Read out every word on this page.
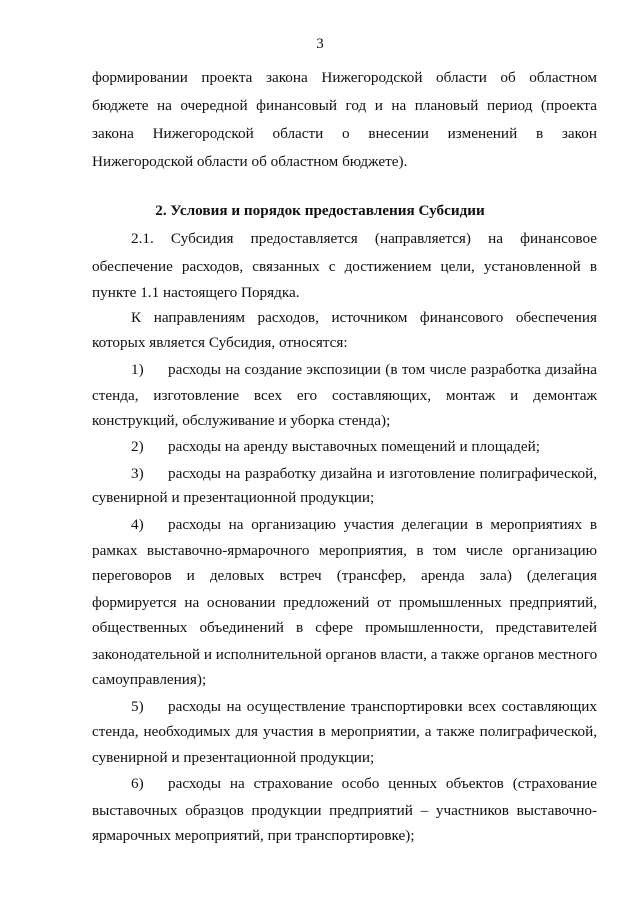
3
формировании проекта закона Нижегородской области об областном
бюджете на очередной финансовый год и на плановый период (проекта
закона Нижегородской области о внесении изменений в закон
Нижегородской области об областном бюджете).
2. Условия и порядок предоставления Субсидии
2.1. Субсидия предоставляется (направляется) на финансовое
обеспечение расходов, связанных с достижением цели, установленной в
пункте 1.1 настоящего Порядка.
К направлениям расходов, источником финансового обеспечения
которых является Субсидия, относятся:
1) расходы на создание экспозиции (в том числе разработка дизайна
стенда, изготовление всех его составляющих, монтаж и демонтаж
конструкций, обслуживание и уборка стенда);
2) расходы на аренду выставочных помещений и площадей;
3) расходы на разработку дизайна и изготовление полиграфической,
сувенирной и презентационной продукции;
4) расходы на организацию участия делегации в мероприятиях в
рамках выставочно-ярмарочного мероприятия, в том числе организацию
переговоров и деловых встреч (трансфер, аренда зала) (делегация
формируется на основании предложений от промышленных предприятий,
общественных объединений в сфере промышленности, представителей
законодательной и исполнительной органов власти, а также органов местного
самоуправления);
5) расходы на осуществление транспортировки всех составляющих
стенда, необходимых для участия в мероприятии, а также полиграфической,
сувенирной и презентационной продукции;
6) расходы на страхование особо ценных объектов (страхование
выставочных образцов продукции предприятий – участников выставочно-
ярмарочных мероприятий, при транспортировке);
